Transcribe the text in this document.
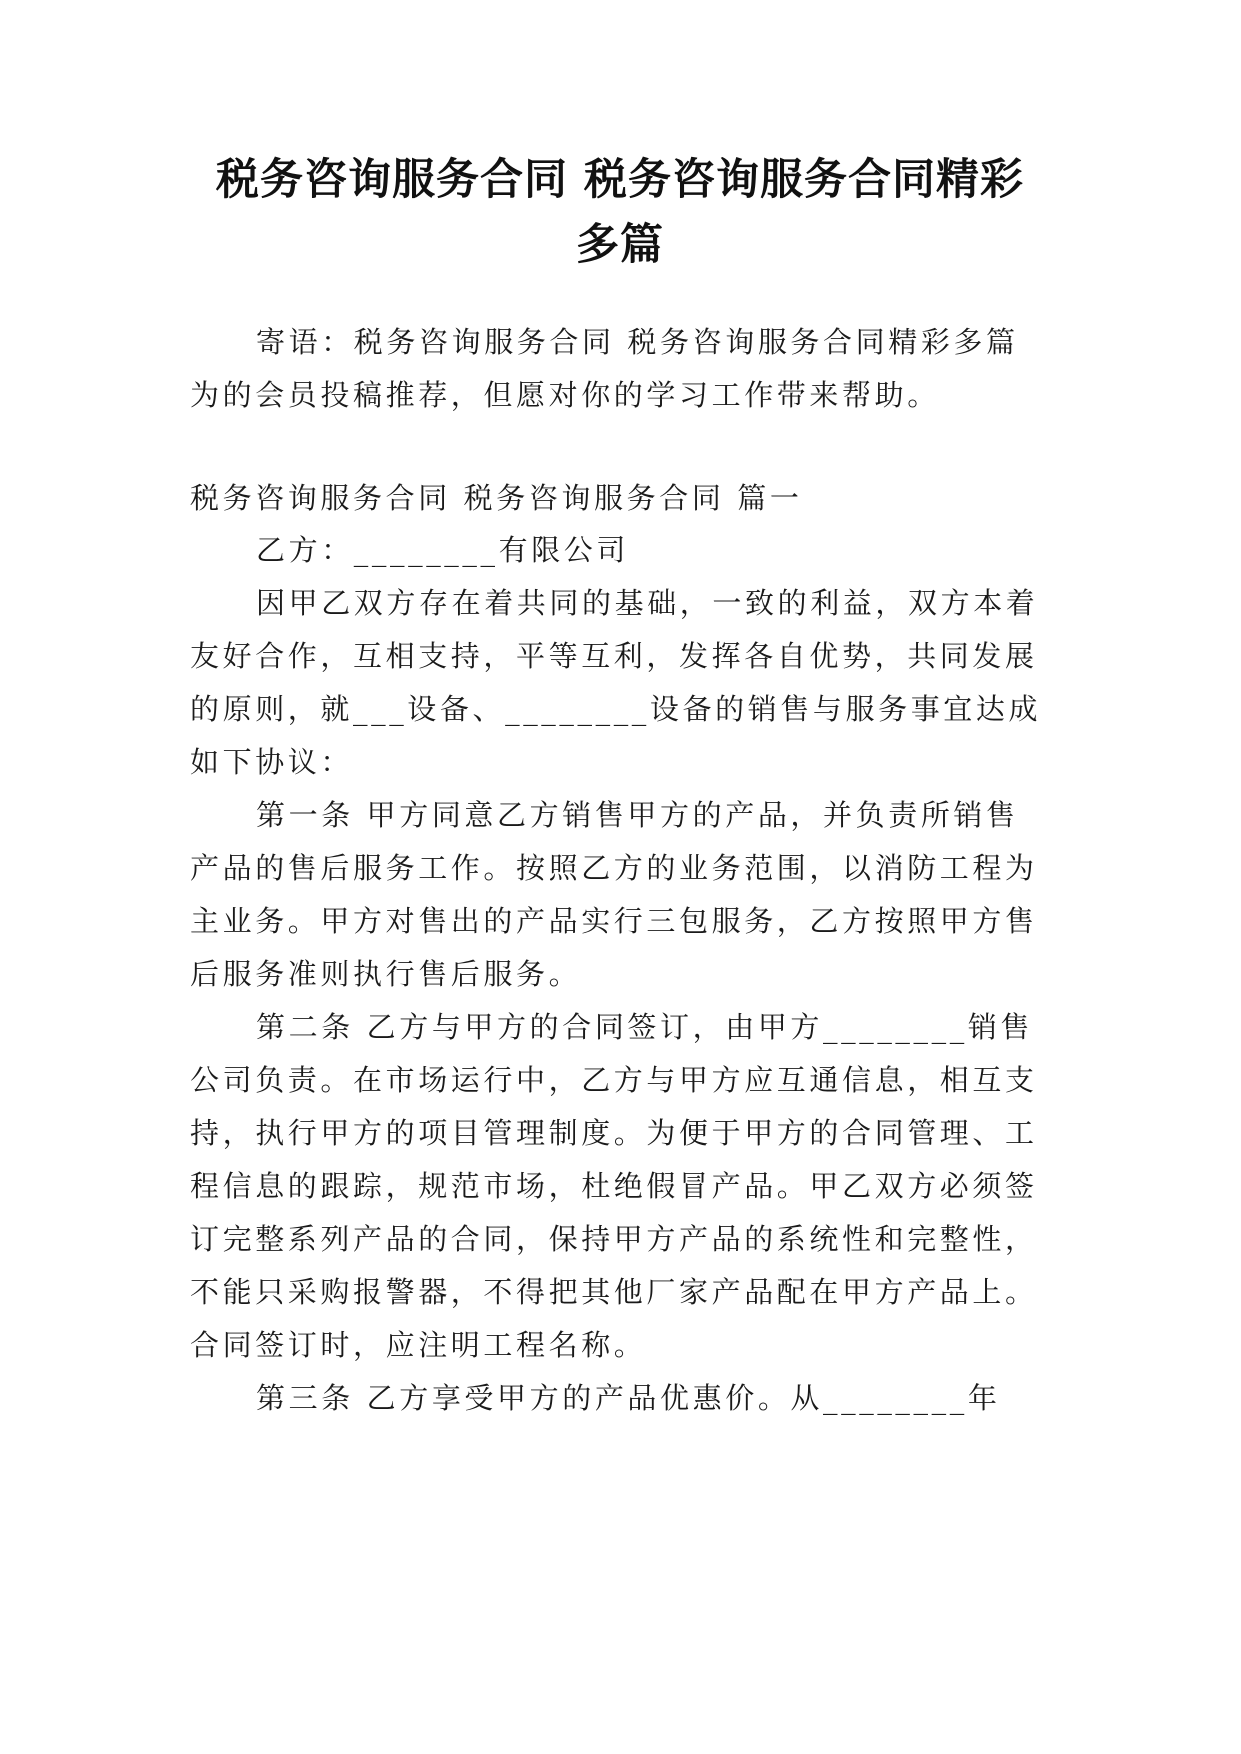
税务咨询服务合同 税务咨询服务合同精彩
多篇
寄语：税务咨询服务合同 税务咨询服务合同精彩多篇
为的会员投稿推荐，但愿对你的学习工作带来帮助。
税务咨询服务合同 税务咨询服务合同 篇一
乙方：________有限公司
因甲乙双方存在着共同的基础，一致的利益，双方本着
友好合作，互相支持，平等互利，发挥各自优势，共同发展
的原则，就___设备、________设备的销售与服务事宜达成
如下协议：
第一条 甲方同意乙方销售甲方的产品，并负责所销售
产品的售后服务工作。按照乙方的业务范围，以消防工程为
主业务。甲方对售出的产品实行三包服务，乙方按照甲方售
后服务准则执行售后服务。
第二条 乙方与甲方的合同签订，由甲方________销售
公司负责。在市场运行中，乙方与甲方应互通信息，相互支
持，执行甲方的项目管理制度。为便于甲方的合同管理、工
程信息的跟踪，规范市场，杜绝假冒产品。甲乙双方必须签
订完整系列产品的合同，保持甲方产品的系统性和完整性，
不能只采购报警器，不得把其他厂家产品配在甲方产品上。
合同签订时，应注明工程名称。
第三条 乙方享受甲方的产品优惠价。从________年
